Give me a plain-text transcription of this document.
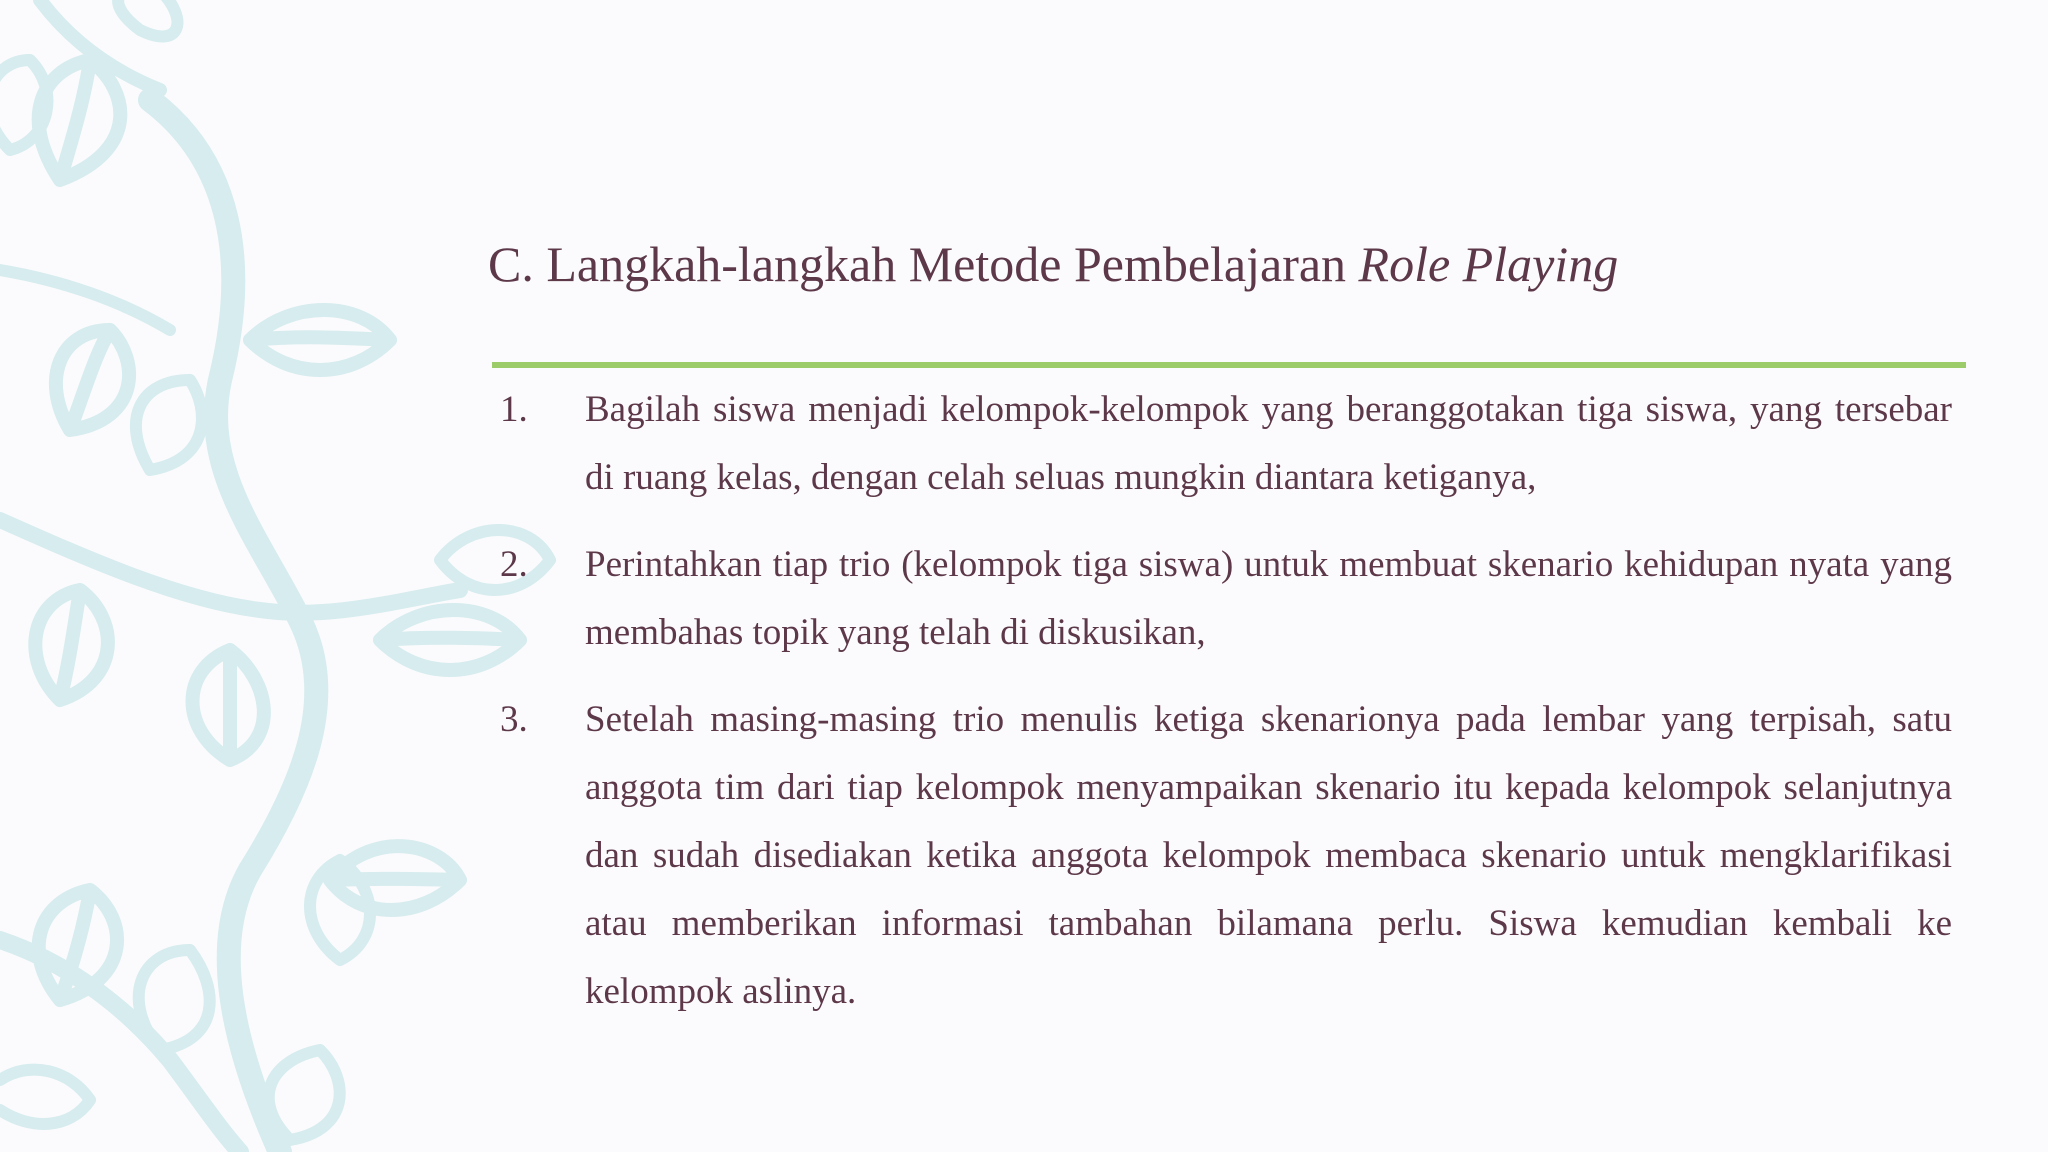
C. Langkah-langkah Metode Pembelajaran Role Playing
1.	Bagilah siswa menjadi kelompok-kelompok yang beranggotakan tiga siswa, yang tersebar di ruang kelas, dengan celah seluas mungkin diantara ketiganya,
2.	Perintahkan tiap trio (kelompok tiga siswa) untuk membuat skenario kehidupan nyata yang membahas topik yang telah di diskusikan,
3.	Setelah masing-masing trio menulis ketiga skenarionya pada lembar yang terpisah, satu anggota tim dari tiap kelompok menyampaikan skenario itu kepada kelompok selanjutnya dan sudah disediakan ketika anggota kelompok membaca skenario untuk mengklarifikasi atau memberikan informasi tambahan bilamana perlu. Siswa kemudian kembali ke kelompok aslinya.
